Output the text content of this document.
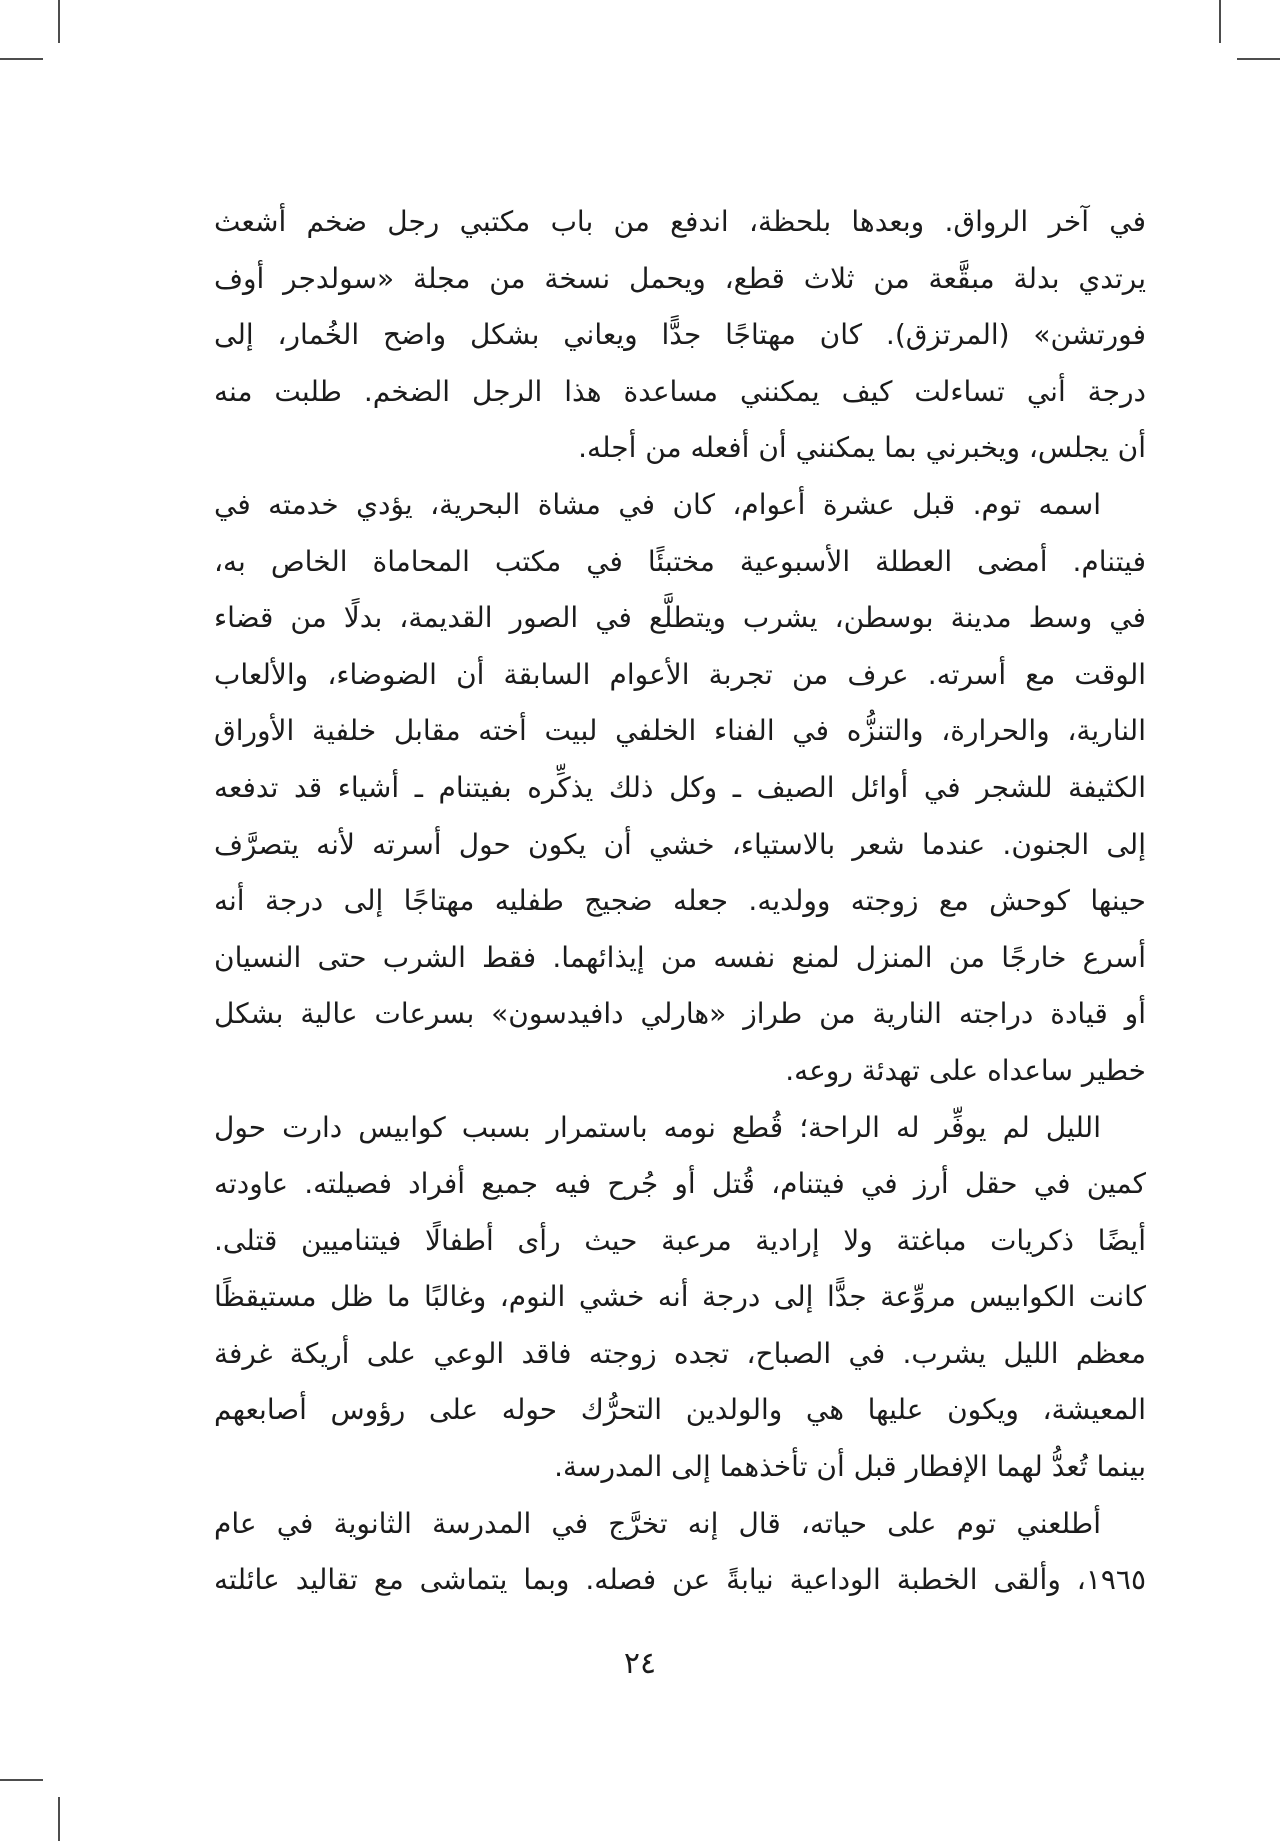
في آخر الرواق. وبعدها بلحظة، اندفع من باب مكتبي رجل ضخم أشعث
يرتدي بدلة مبقَّعة من ثلاث قطع، ويحمل نسخة من مجلة «سولدجر أوف
فورتشن» (المرتزق). كان مهتاجًا جدًّا ويعاني بشكل واضح الخُمار، إلى
درجة أني تساءلت كيف يمكنني مساعدة هذا الرجل الضخم. طلبت منه
أن يجلس، ويخبرني بما يمكنني أن أفعله من أجله.
اسمه توم. قبل عشرة أعوام، كان في مشاة البحرية، يؤدي خدمته في
فيتنام. أمضى العطلة الأسبوعية مختبئًا في مكتب المحاماة الخاص به،
في وسط مدينة بوسطن، يشرب ويتطلَّع في الصور القديمة، بدلًا من قضاء
الوقت مع أسرته. عرف من تجربة الأعوام السابقة أن الضوضاء، والألعاب
النارية، والحرارة، والتنزُّه في الفناء الخلفي لبيت أخته مقابل خلفية الأوراق
الكثيفة للشجر في أوائل الصيف ـ وكل ذلك يذكِّره بفيتنام ـ أشياء قد تدفعه
إلى الجنون. عندما شعر بالاستياء، خشي أن يكون حول أسرته لأنه يتصرَّف
حينها كوحش مع زوجته وولديه. جعله ضجيج طفليه مهتاجًا إلى درجة أنه
أسرع خارجًا من المنزل لمنع نفسه من إيذائهما. فقط الشرب حتى النسيان
أو قيادة دراجته النارية من طراز «هارلي دافيدسون» بسرعات عالية بشكل
خطير ساعداه على تهدئة روعه.
الليل لم يوفِّر له الراحة؛ قُطع نومه باستمرار بسبب كوابيس دارت حول
كمين في حقل أرز في فيتنام، قُتل أو جُرح فيه جميع أفراد فصيلته. عاودته
أيضًا ذكريات مباغتة ولا إرادية مرعبة حيث رأى أطفالًا فيتناميين قتلى.
كانت الكوابيس مروِّعة جدًّا إلى درجة أنه خشي النوم، وغالبًا ما ظل مستيقظًا
معظم الليل يشرب. في الصباح، تجده زوجته فاقد الوعي على أريكة غرفة
المعيشة، ويكون عليها هي والولدين التحرُّك حوله على رؤوس أصابعهم
بينما تُعدُّ لهما الإفطار قبل أن تأخذهما إلى المدرسة.
أطلعني توم على حياته، قال إنه تخرَّج في المدرسة الثانوية في عام
١٩٦٥، وألقى الخطبة الوداعية نيابةً عن فصله. وبما يتماشى مع تقاليد عائلته
٢٤
